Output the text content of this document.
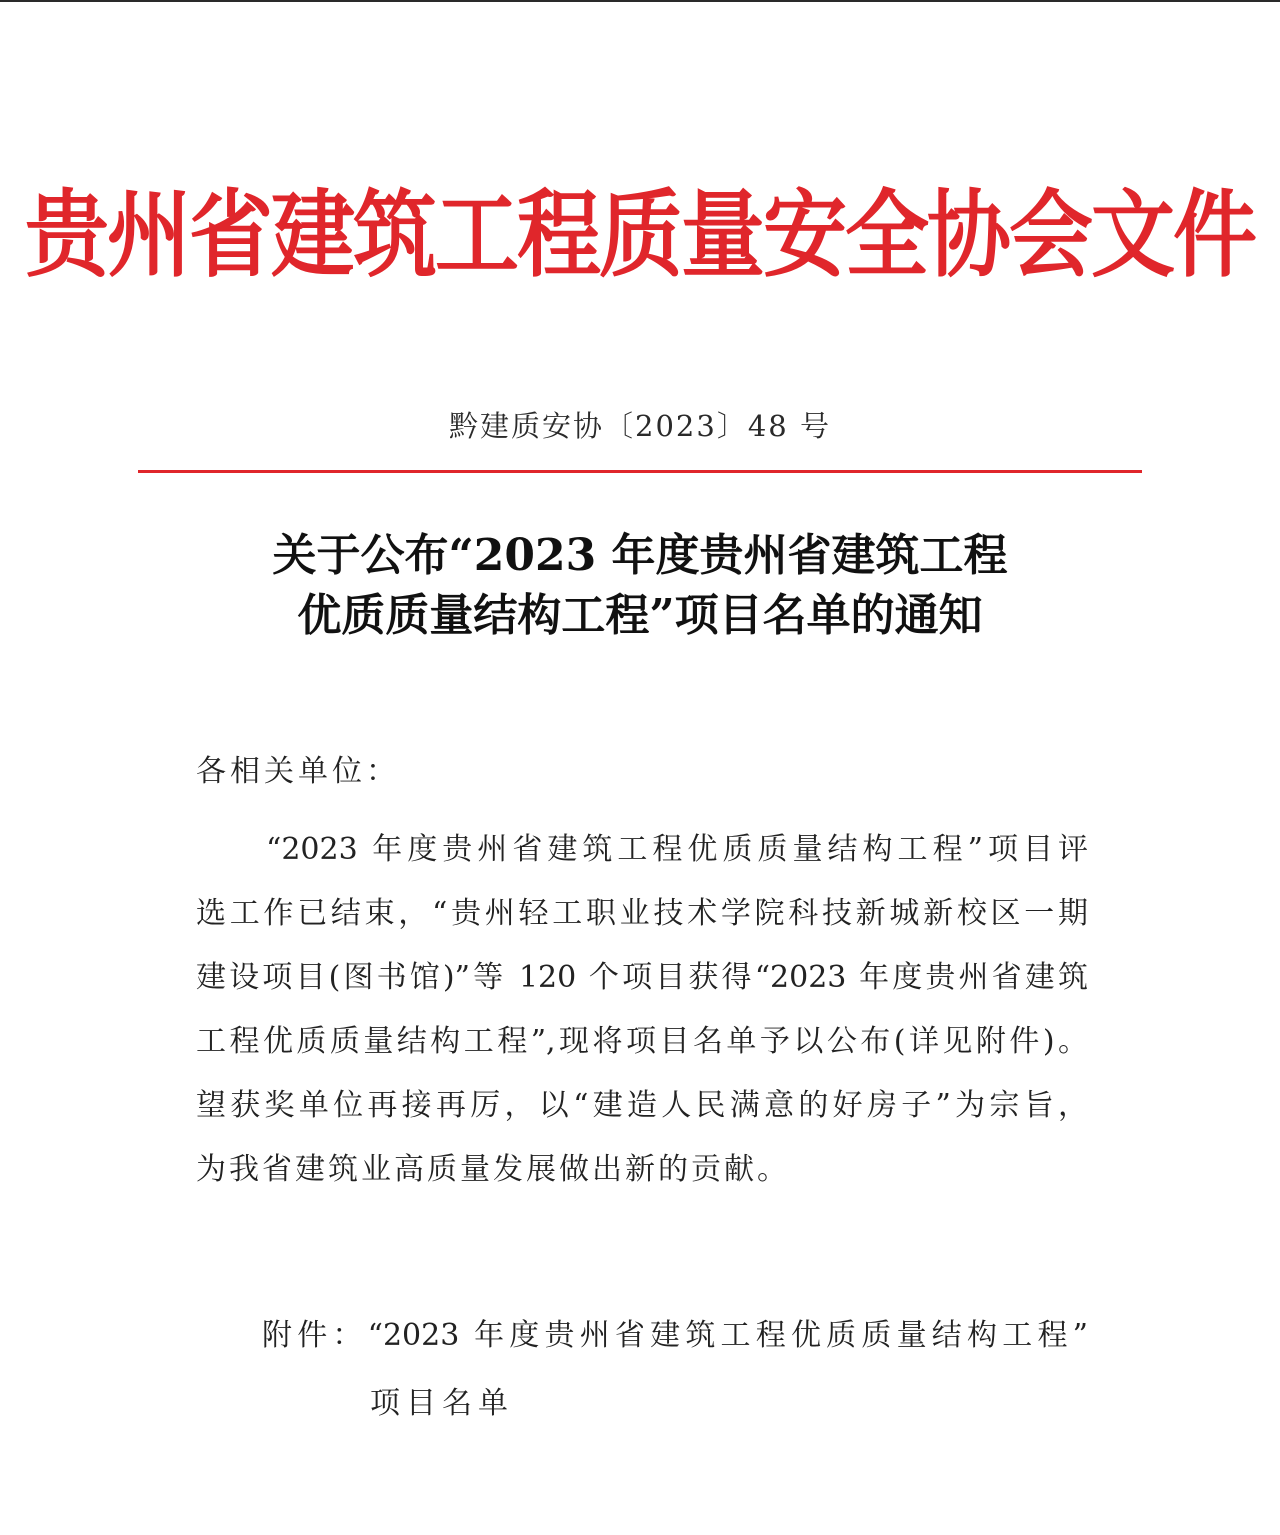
贵州省建筑工程质量安全协会文件
黔建质安协〔2023〕48 号
关于公布“2023 年度贵州省建筑工程
优质质量结构工程”项目名单的通知
各相关单位：
“2023 年度贵州省建筑工程优质质量结构工程”项目评
选工作已结束，“贵州轻工职业技术学院科技新城新校区一期
建设项目(图书馆)”等 120 个项目获得“2023 年度贵州省建筑
工程优质质量结构工程”,现将项目名单予以公布(详见附件)。
望获奖单位再接再厉，以“建造人民满意的好房子”为宗旨，
为我省建筑业高质量发展做出新的贡献。
附件：“2023 年度贵州省建筑工程优质质量结构工程”
项目名单
